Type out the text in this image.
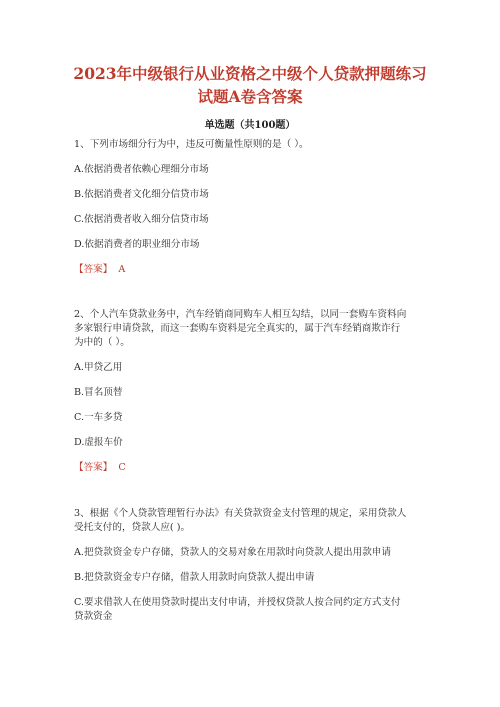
2023年中级银行从业资格之中级个人贷款押题练习
试题A卷含答案
单选题（共100题）
1、下列市场细分行为中，违反可衡量性原则的是（ ）。
A.依据消费者依赖心理细分市场
B.依据消费者文化细分信贷市场
C.依据消费者收入细分信贷市场
D.依据消费者的职业细分市场
【答案】 A
2、个人汽车贷款业务中，汽车经销商同购车人相互勾结，以同一套购车资料向
多家银行申请贷款，而这一套购车资料是完全真实的，属于汽车经销商欺诈行
为中的（ ）。
A.甲贷乙用
B.冒名顶替
C.一车多贷
D.虚报车价
【答案】 C
3、根据《个人贷款管理暂行办法》有关贷款资金支付管理的规定，采用贷款人
受托支付的，贷款人应( )。
A.把贷款资金专户存储，贷款人的交易对象在用款时向贷款人提出用款申请
B.把贷款资金专户存储，借款人用款时向贷款人提出申请
C.要求借款人在使用贷款时提出支付申请，并授权贷款人按合同约定方式支付
贷款资金
